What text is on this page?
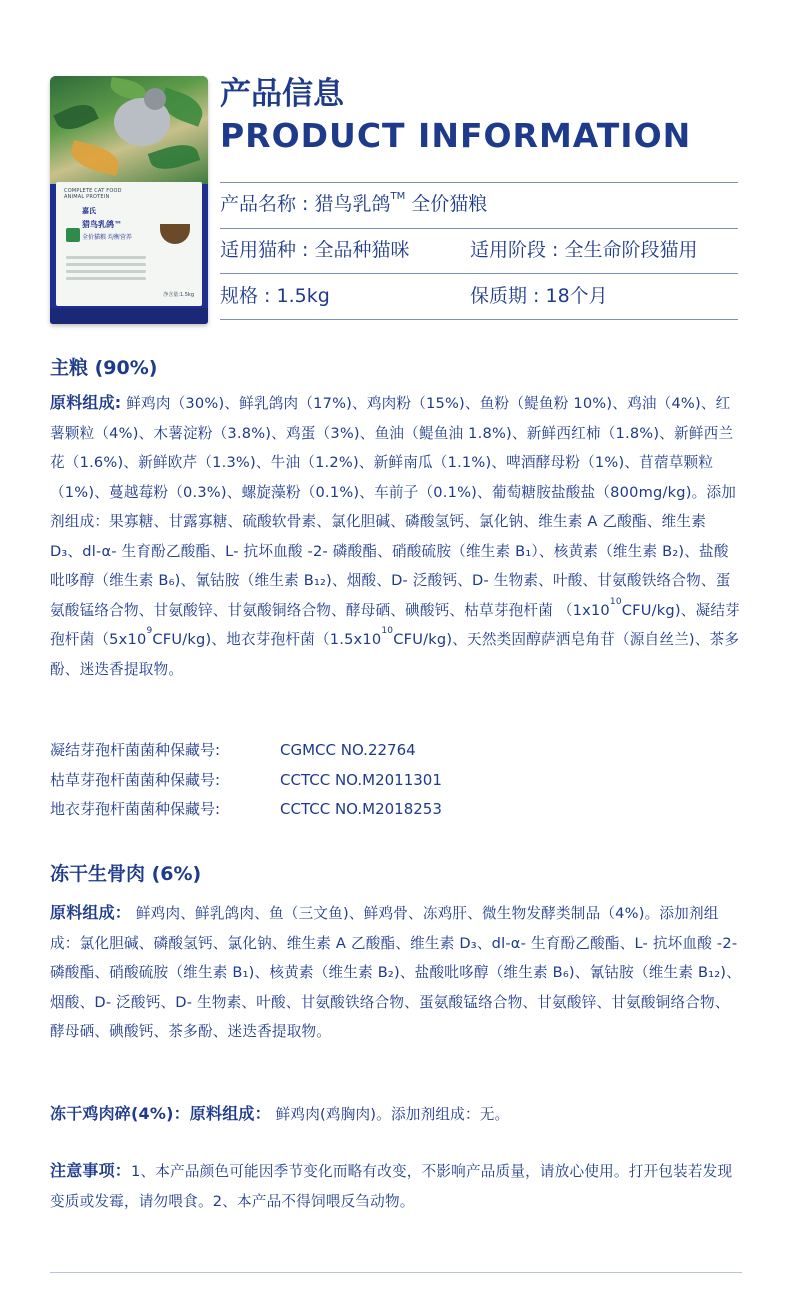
COMPLETE CAT FOOD
ANIMAL PROTEIN
嘉氏
猎鸟乳鸽™
全价猫粮 均衡营养
净含量:1.5kg
产品信息
PRODUCT INFORMATION
产品名称 : 猎鸟乳鸽™ 全价猫粮
适用猫种 : 全品种猫咪	适用阶段 : 全生命阶段猫用
规格 : 1.5kg	保质期 : 18个月
主粮 (90%)
原料组成: 鲜鸡肉（30%)、鲜乳鸽肉（17%)、鸡肉粉（15%)、鱼粉（鳀鱼粉 10%)、鸡油（4%)、红薯颗粒（4%)、木薯淀粉（3.8%)、鸡蛋（3%)、鱼油（鳀鱼油 1.8%)、新鲜西红柿（1.8%)、新鲜西兰花（1.6%)、新鲜欧芹（1.3%)、牛油（1.2%)、新鲜南瓜（1.1%)、啤酒酵母粉（1%)、苜蓿草颗粒（1%)、蔓越莓粉（0.3%)、螺旋藻粉（0.1%)、车前子（0.1%)、葡萄糖胺盐酸盐（800mg/kg)。添加剂组成：果寡糖、甘露寡糖、硫酸软骨素、氯化胆碱、磷酸氢钙、氯化钠、维生素 A 乙酸酯、维生素 D₃、dl-α- 生育酚乙酸酯、L- 抗坏血酸 -2- 磷酸酯、硝酸硫胺（维生素 B₁）、核黄素（维生素 B₂)、盐酸吡哆醇（维生素 B₆)、氰钴胺（维生素 B₁₂)、烟酸、D- 泛酸钙、D- 生物素、叶酸、甘氨酸铁络合物、蛋氨酸锰络合物、甘氨酸锌、甘氨酸铜络合物、酵母硒、碘酸钙、枯草芽孢杆菌 $(1x10^{10}CFU/kg)$、凝结芽孢杆菌$(5x10^9CFU/kg)$、地衣芽孢杆菌$(1.5x10^{10}CFU/kg)$、天然类固醇萨洒皂角苷（源自丝兰)、茶多酚、迷迭香提取物。
凝结芽孢杆菌菌种保藏号:	CGMCC NO.22764
枯草芽孢杆菌菌种保藏号:	CCTCC NO.M2011301
地衣芽孢杆菌菌种保藏号:	CCTCC NO.M2018253
冻干生骨肉 (6%)
原料组成： 鲜鸡肉、鲜乳鸽肉、鱼（三文鱼)、鲜鸡骨、冻鸡肝、微生物发酵类制品（4%)。添加剂组成：氯化胆碱、磷酸氢钙、氯化钠、维生素 A 乙酸酯、维生素 D₃、dl-α- 生育酚乙酸酯、L- 抗坏血酸 -2- 磷酸酯、硝酸硫胺（维生素 B₁)、核黄素（维生素 B₂)、盐酸吡哆醇（维生素 B₆)、氰钴胺（维生素 B₁₂)、烟酸、D- 泛酸钙、D- 生物素、叶酸、甘氨酸铁络合物、蛋氨酸锰络合物、甘氨酸锌、甘氨酸铜络合物、酵母硒、碘酸钙、茶多酚、迷迭香提取物。
冻干鸡肉碎(4%)：原料组成： 鲜鸡肉(鸡胸肉)。添加剂组成：无。
注意事项：1、本产品颜色可能因季节变化而略有改变，不影响产品质量，请放心使用。打开包装若发现变质或发霉，请勿喂食。2、本产品不得饲喂反刍动物。
